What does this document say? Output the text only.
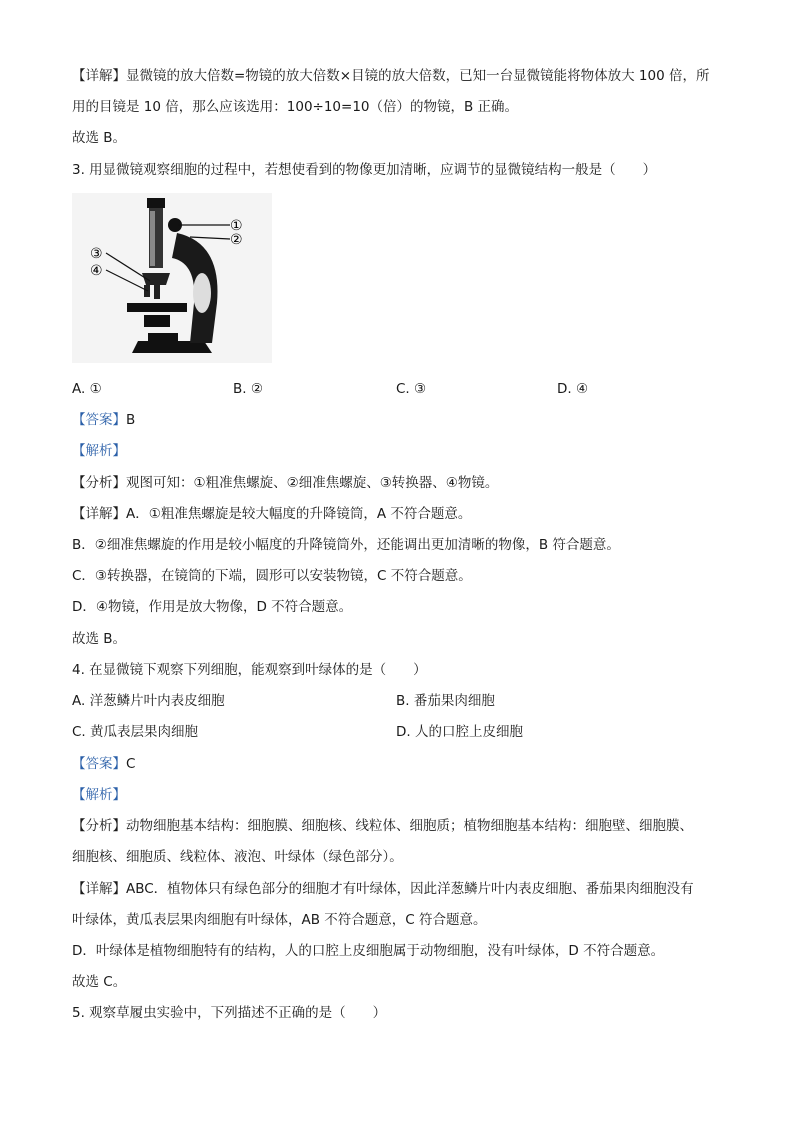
【详解】显微镜的放大倍数=物镜的放大倍数×目镜的放大倍数，已知一台显微镜能将物体放大 100 倍，所
用的目镜是 10 倍，那么应该选用：100÷10=10（倍）的物镜，B 正确。
故选 B。
3. 用显微镜观察细胞的过程中，若想使看到的物像更加清晰，应调节的显微镜结构一般是（　　）
①
②
③
④
A. ①	B. ②	C. ③	D. ④
【答案】B
【解析】
【分析】观图可知：①粗准焦螺旋、②细准焦螺旋、③转换器、④物镜。
【详解】A．①粗准焦螺旋是较大幅度的升降镜筒，A 不符合题意。
B．②细准焦螺旋的作用是较小幅度的升降镜筒外，还能调出更加清晰的物像，B 符合题意。
C．③转换器，在镜筒的下端，圆形可以安装物镜，C 不符合题意。
D．④物镜，作用是放大物像，D 不符合题意。
故选 B。
4. 在显微镜下观察下列细胞，能观察到叶绿体的是（　　）
A. 洋葱鳞片叶内表皮细胞	B. 番茄果肉细胞
C. 黄瓜表层果肉细胞	D. 人的口腔上皮细胞
【答案】C
【解析】
【分析】动物细胞基本结构：细胞膜、细胞核、线粒体、细胞质；植物细胞基本结构：细胞壁、细胞膜、
细胞核、细胞质、线粒体、液泡、叶绿体（绿色部分）。
【详解】ABC．植物体只有绿色部分的细胞才有叶绿体，因此洋葱鳞片叶内表皮细胞、番茄果肉细胞没有
叶绿体，黄瓜表层果肉细胞有叶绿体，AB 不符合题意，C 符合题意。
D．叶绿体是植物细胞特有的结构，人的口腔上皮细胞属于动物细胞，没有叶绿体，D 不符合题意。
故选 C。
5. 观察草履虫实验中，下列描述不正确的是（　　）
